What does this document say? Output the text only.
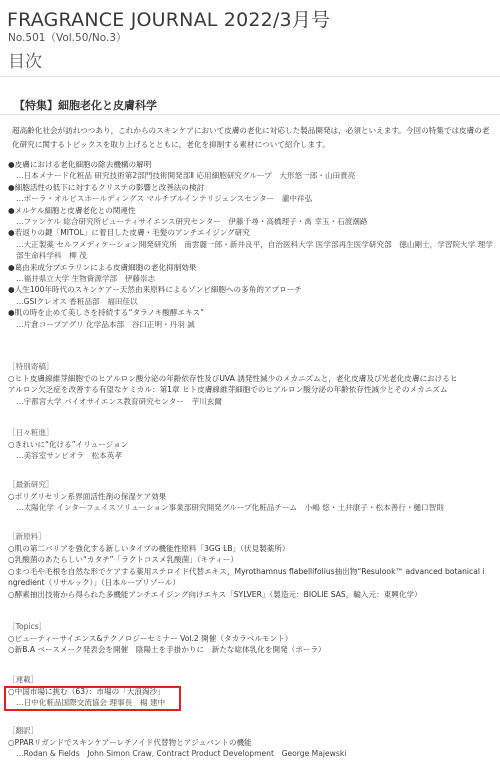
FRAGRANCE JOURNAL 2022/3月号
No.501（Vol.50/No.3）
目次
【特集】細胞老化と皮膚科学
超高齢化社会が訪れつつあり，これからのスキンケアにおいて皮膚の老化に対応した製品開発は，必須といえます。今回の特集では皮膚の老化研究に関するトピックスを取り上げるとともに，老化を抑制する素材について紹介します。
●皮膚における老化細胞の除去機構の解明
…日本メナード化粧品 研究技術第2部門技術開発部Ⅱ 応用細胞研究グループ　大形悠一郎・山田貴亮
●細胞活性の低下に対するクリステの影響と改善法の検討
…ポーラ・オルビスホールディングス マルチプルインテリジェンスセンター　瀧中祥弘
●メルケル細胞と皮膚老化との関連性
…ファンケル 総合研究所ビューティサイエンス研究センター　伊藤千尋・高橋理子・禹 幸玉・石渡潮路
●若返りの鍵「MITOL」に着目した皮膚・毛髪のアンチエイジング研究
…大正製薬 セルフメディケーション開発研究所　南雲麗一郎・新井良平，自治医科大学 医学部再生医学研究部　徳山剛士，学習院大学 理学部生命科学科　柳 茂
●葛由来成分プエラリンによる皮膚細胞の老化抑制効果
…福井県立大学 生物資源学部　伊藤崇志
●人生100年時代のスキンケアー天然由来原料によるゾンビ細胞への多角的アプローチ
…GSIクレオス 香粧品部　福田佳以
●肌の時を止めて美しさを持続する“タラノキ酸酵エキス”
…片倉コープアグリ 化学品本部　谷口正明・丹羽 誠
［特別寄稿］
○ヒト皮膚線維芽細胞でのヒアルロン酸分泌の年齢依存性及びUVA 誘発性減少のメカニズムと，老化皮膚及び光老化皮膚におけるヒ
アルロン欠乏症を改善する有望なケミカル：第1章 ヒト皮膚線維芽細胞でのヒアルロン酸分泌の年齢依存性減少とそのメカニズム
…宇都宮大学 バイオサイエンス教育研究センター　芋川玄爾
［日々粧進］
○きれいに“化ける”イリュージョン
…美容室サンビオラ　松本英孝
［最新研究］
○ポリグリセリン系界面活性剤の保湿ケア効果
…太陽化学 インターフェイスソリューション事業部研究開発グループ化粧品チーム　小嶋 悠・土井康子・松本善行・樋口智則
［新原料］
○肌の第二バリアを強化する新しいタイプの機能性原料「3GG LB」（伏見製薬所）
○乳酸菌のあたらしい“カタチ”「ラクトコスメ乳酸菌」（キティー）
○まつ毛や毛根を自然な形でケアする薬用ステロイド代替エキス，Myrothamnus flabellifolius抽出物“Resulook™ advanced botanical i
ngredient（リサルック）」（日本ループリゾール）
○酵素抽出技術から得られた多機能アンチエイジング向けエキス「SYLVER」（製造元：BIOLIE SAS，輸入元：東興化学）
［Topics］
○ビューティーサイエンス&テクノロジーセミナー Vol.2 開催（タカラベルモント）
○新B.A ベースメーク発表会を開催　陰陽土を手掛かりに　新たな総体乳化を開発（ポーラ）
［連載］
○中国市場に挑む（63）：市場の「大浪淘沙」
…日中化粧品国際交流協会 理事長　楊 建中
［翻訳］
○PPARリガンドでスキンケアーレチノイド代替物とアジュバントの機能
…Rodan & Fields　John Simon Craw, Contract Product Development　George Majewski
